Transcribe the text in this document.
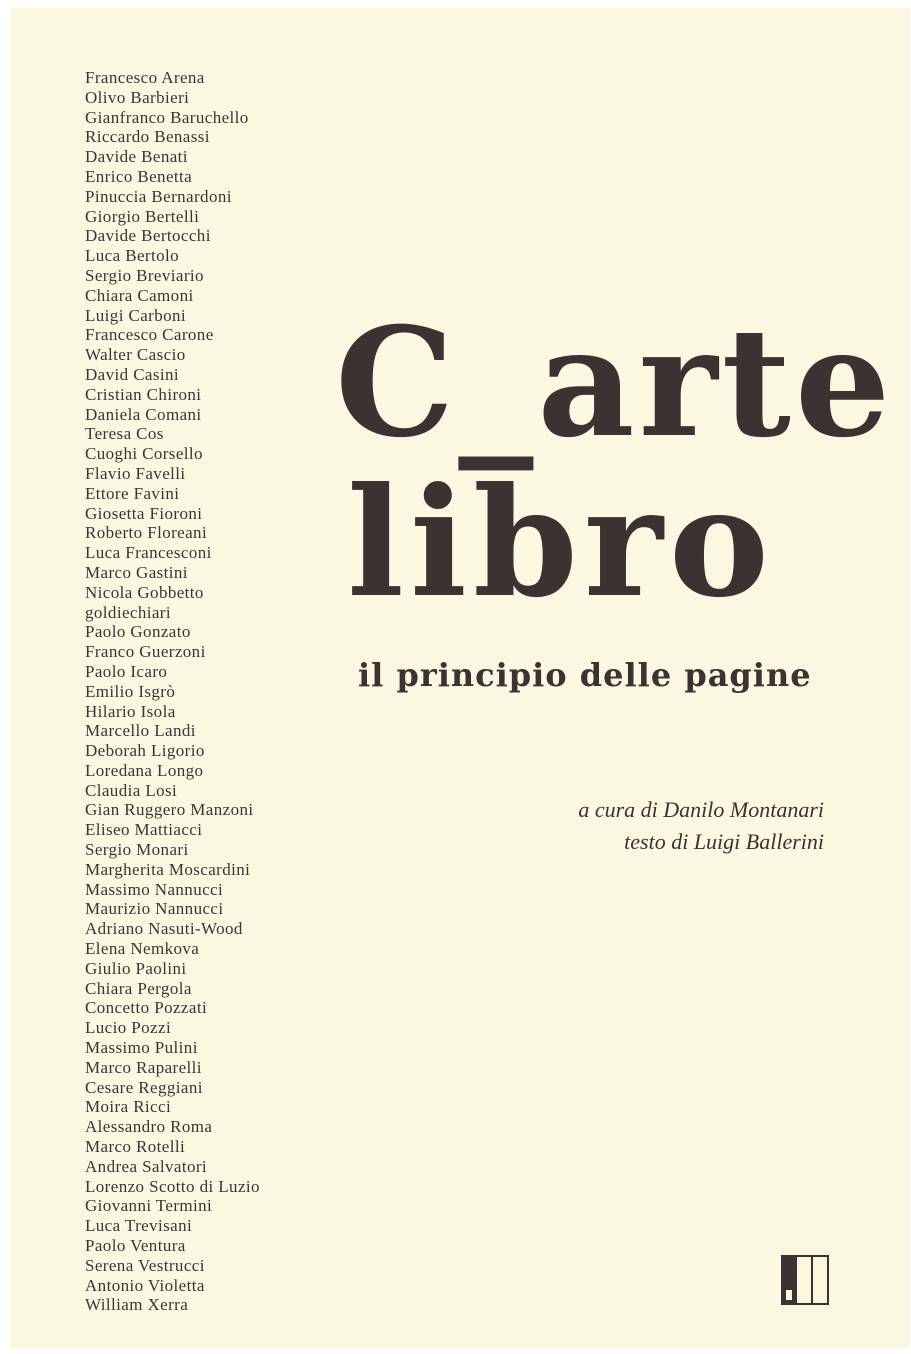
Francesco Arena
Olivo Barbieri
Gianfranco Baruchello
Riccardo Benassi
Davide Benati
Enrico Benetta
Pinuccia Bernardoni
Giorgio Bertelli
Davide Bertocchi
Luca Bertolo
Sergio Breviario
Chiara Camoni
Luigi Carboni
Francesco Carone
Walter Cascio
David Casini
Cristian Chironi
Daniela Comani
Teresa Cos
Cuoghi Corsello
Flavio Favelli
Ettore Favini
Giosetta Fioroni
Roberto Floreani
Luca Francesconi
Marco Gastini
Nicola Gobbetto
goldiechiari
Paolo Gonzato
Franco Guerzoni
Paolo Icaro
Emilio Isgrò
Hilario Isola
Marcello Landi
Deborah Ligorio
Loredana Longo
Claudia Losi
Gian Ruggero Manzoni
Eliseo Mattiacci
Sergio Monari
Margherita Moscardini
Massimo Nannucci
Maurizio Nannucci
Adriano Nasuti-Wood
Elena Nemkova
Giulio Paolini
Chiara Pergola
Concetto Pozzati
Lucio Pozzi
Massimo Pulini
Marco Raparelli
Cesare Reggiani
Moira Ricci
Alessandro Roma
Marco Rotelli
Andrea Salvatori
Lorenzo Scotto di Luzio
Giovanni Termini
Luca Trevisani
Paolo Ventura
Serena Vestrucci
Antonio Violetta
William Xerra
C_arte
libro
il principio delle pagine
a cura di Danilo Montanari
testo di Luigi Ballerini
